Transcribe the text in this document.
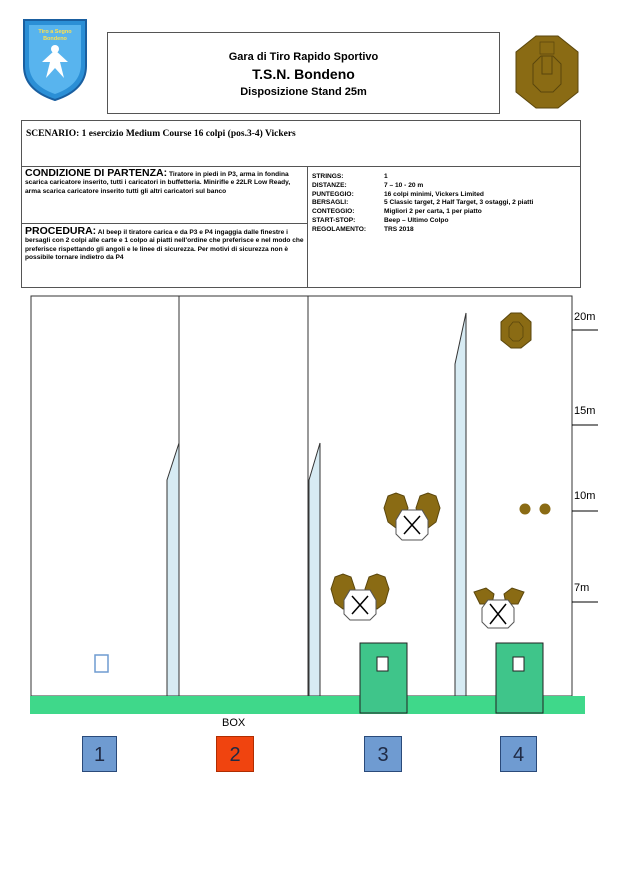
Tiro a Segno Bondeno
Gara di Tiro Rapido Sportivo
T.S.N. Bondeno
Disposizione Stand 25m
SCENARIO: 1 esercizio Medium Course 16 colpi (pos.3-4) Vickers
CONDIZIONE DI PARTENZA: Tiratore in piedi in P3, arma in fondina scarica caricatore inserito, tutti i caricatori in buffetteria. Minirifle e 22LR Low Ready, arma scarica caricatore inserito tutti gli altri caricatori sul banco
PROCEDURA: Al beep il tiratore carica e da P3 e P4 ingaggia dalle finestre i bersagli con 2 colpi alle carte e 1 colpo ai piatti nell'ordine che preferisce e nel modo che preferisce rispettando gli angoli e le linee di sicurezza. Per motivi di sicurezza non è possibile tornare indietro da P4
STRINGS:	1
DISTANZE:	7 – 10 - 20 m
PUNTEGGIO:	16 colpi minimi, Vickers Limited
BERSAGLI:	5 Classic target, 2 Half Target, 3 ostaggi, 2 piatti
CONTEGGIO:	Migliori 2 per carta, 1 per piatto
START-STOP:	Beep – Ultimo Colpo
REGOLAMENTO:	TRS 2018
20m
15m
10m
7m
BOX
1	2	3	4
